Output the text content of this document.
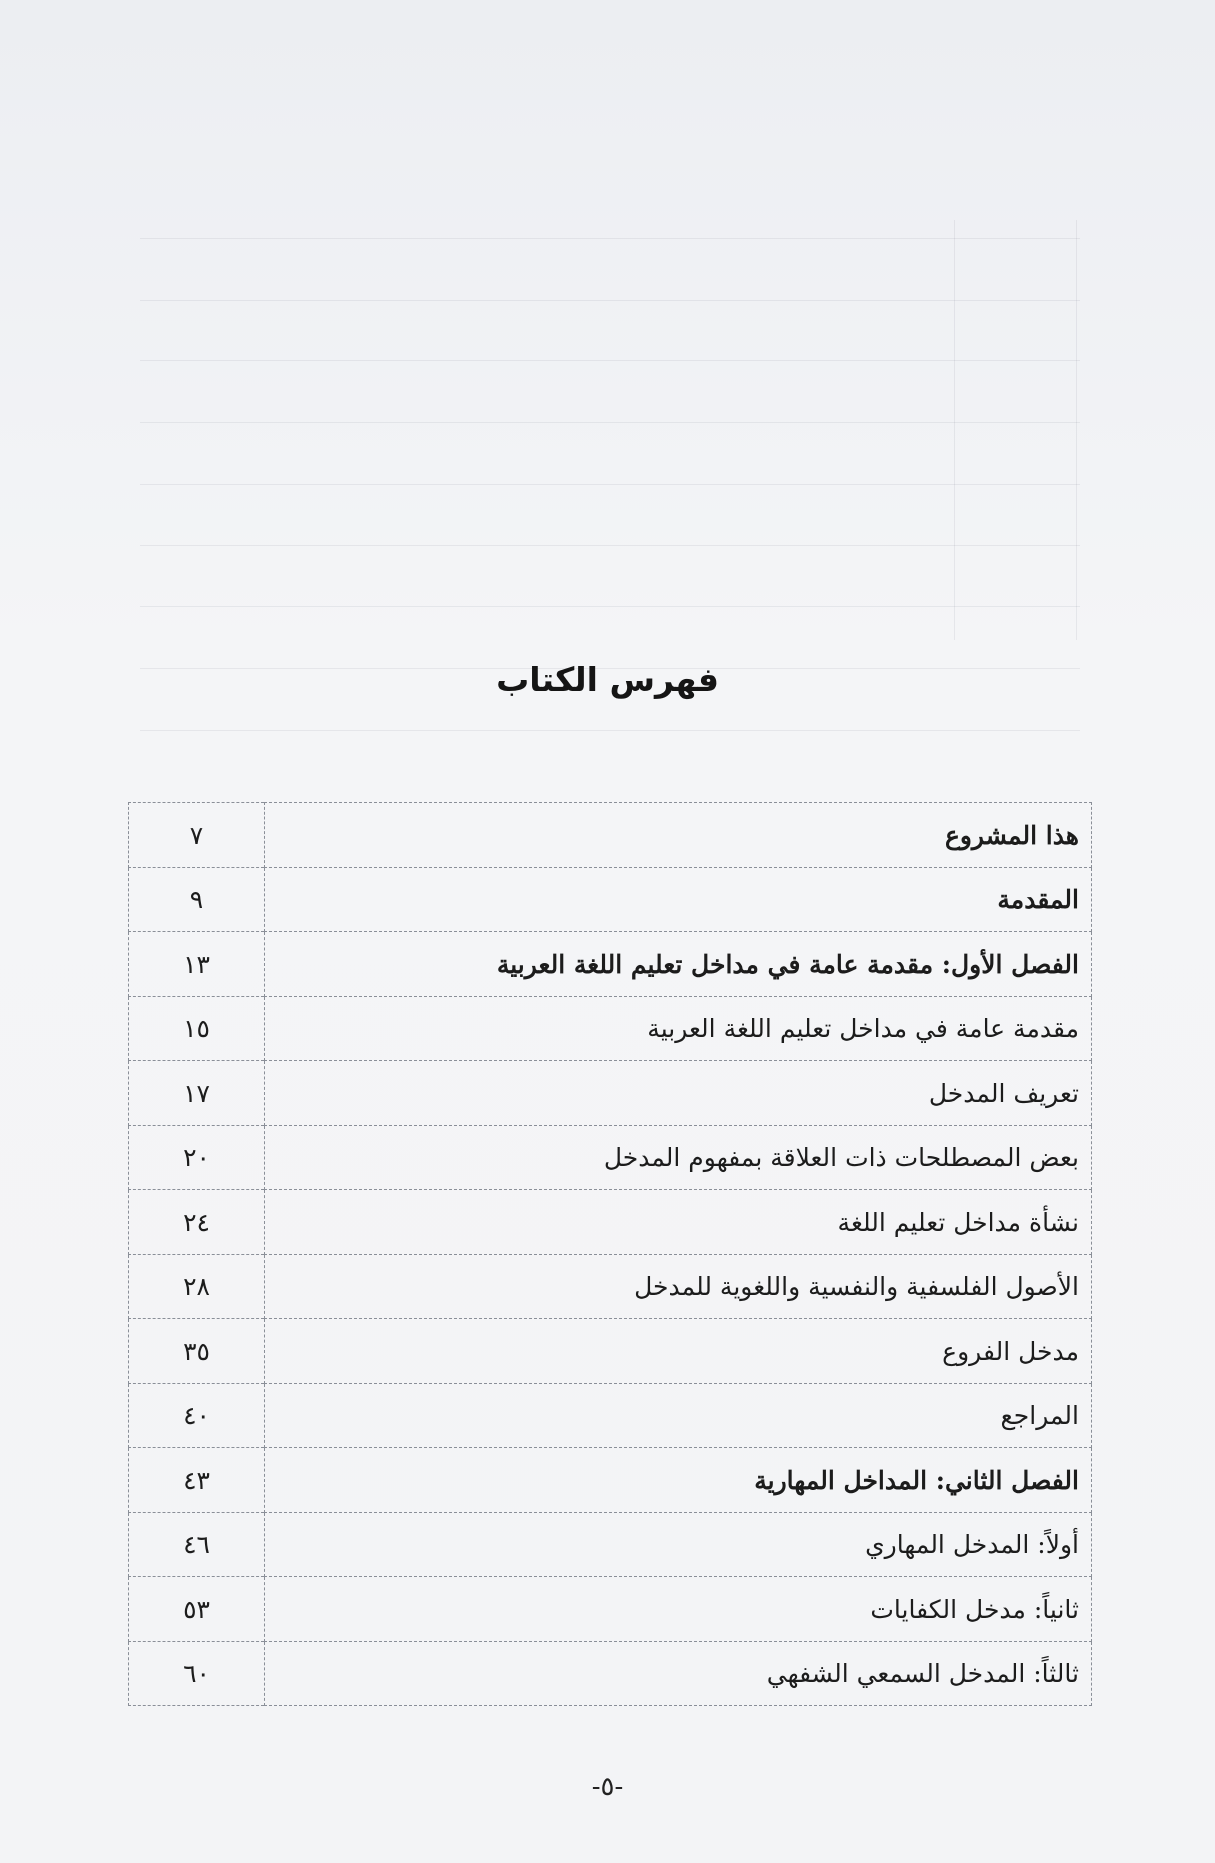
فهرس الكتاب
هذا المشروع	٧
المقدمة	٩
الفصل الأول: مقدمة عامة في مداخل تعليم اللغة العربية	١٣
مقدمة عامة في مداخل تعليم اللغة العربية	١٥
تعريف المدخل	١٧
بعض المصطلحات ذات العلاقة بمفهوم المدخل	٢٠
نشأة مداخل تعليم اللغة	٢٤
الأصول الفلسفية والنفسية واللغوية للمدخل	٢٨
مدخل الفروع	٣٥
المراجع	٤٠
الفصل الثاني: المداخل المهارية	٤٣
أولاً: المدخل المهاري	٤٦
ثانياً: مدخل الكفايات	٥٣
ثالثاً: المدخل السمعي الشفهي	٦٠
-٥-
